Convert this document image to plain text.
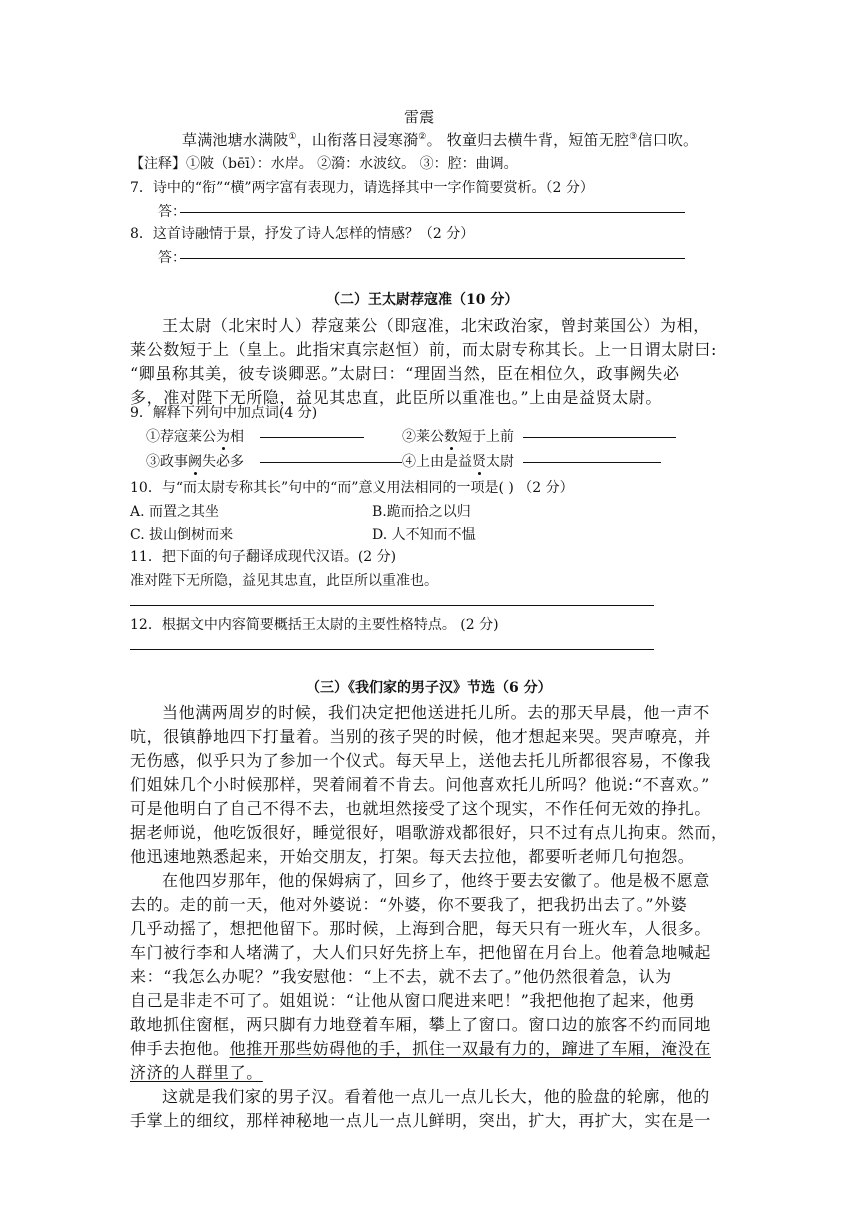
雷震
草满池塘水满陂①，山衔落日浸寒漪②。 牧童归去横牛背，短笛无腔③信口吹。
【注释】①陂（bēī）：水岸。 ②漪：水波纹。 ③：腔：曲调。
7．诗中的“衔”“横”两字富有表现力，请选择其中一字作简要赏析。（2 分）
答：
8．这首诗融情于景，抒发了诗人怎样的情感？（2 分）
答：
（二）王太尉荐寇准（10 分）
王太尉（北宋时人）荐寇莱公（即寇准，北宋政治家，曾封莱国公）为相，
莱公数短于上（皇上。此指宋真宗赵恒）前，而太尉专称其长。上一日谓太尉曰:
“卿虽称其美，彼专谈卿恶。”太尉曰：“理固当然，臣在相位久，政事阙失必
多，准对陛下无所隐，益见其忠直，此臣所以重准也。”上由是益贤太尉。
9．解释下列句中加点词(4 分)
①荐寇莱公为相	②莱公数短于上前
③政事阙失必多	④上由是益贤太尉
10．与“而太尉专称其长”句中的“而”意义用法相同的一项是( ) （2 分）
A. 而置之其坐	B.跪而拾之以归
C. 拔山倒树而来	D. 人不知而不愠
11．把下面的句子翻译成现代汉语。(2 分)
准对陛下无所隐，益见其忠直，此臣所以重准也。
12．根据文中内容简要概括王太尉的主要性格特点。 (2 分)
（三）《我们家的男子汉》节选（6 分）
当他满两周岁的时候，我们决定把他送进托儿所。去的那天早晨，他一声不
吭，很镇静地四下打量着。当别的孩子哭的时候，他才想起来哭。哭声嘹亮，并
无伤感，似乎只为了参加一个仪式。每天早上，送他去托儿所都很容易，不像我
们姐妹几个小时候那样，哭着闹着不肯去。问他喜欢托儿所吗？他说:“不喜欢。”
可是他明白了自己不得不去，也就坦然接受了这个现实，不作任何无效的挣扎。
据老师说，他吃饭很好，睡觉很好，唱歌游戏都很好，只不过有点儿拘束。然而，
他迅速地熟悉起来，开始交朋友，打架。每天去拉他，都要听老师几句抱怨。
在他四岁那年，他的保姆病了，回乡了，他终于要去安徽了。他是极不愿意
去的。走的前一天，他对外婆说：“外婆，你不要我了，把我扔出去了。”外婆
几乎动摇了，想把他留下。那时候，上海到合肥，每天只有一班火车，人很多。
车门被行李和人堵满了，大人们只好先挤上车，把他留在月台上。他着急地喊起
来：“我怎么办呢？”我安慰他：“上不去，就不去了。”他仍然很着急，认为
自己是非走不可了。姐姐说：“让他从窗口爬进来吧！”我把他抱了起来，他勇
敢地抓住窗框，两只脚有力地登着车厢，攀上了窗口。窗口边的旅客不约而同地
伸手去抱他。他推开那些妨碍他的手，抓住一双最有力的，蹿进了车厢，淹没在
济济的人群里了。
这就是我们家的男子汉。看着他一点儿一点儿长大，他的脸盘的轮廓，他的
手掌上的细纹，那样神秘地一点儿一点儿鲜明，突出，扩大，再扩大，实在是一
